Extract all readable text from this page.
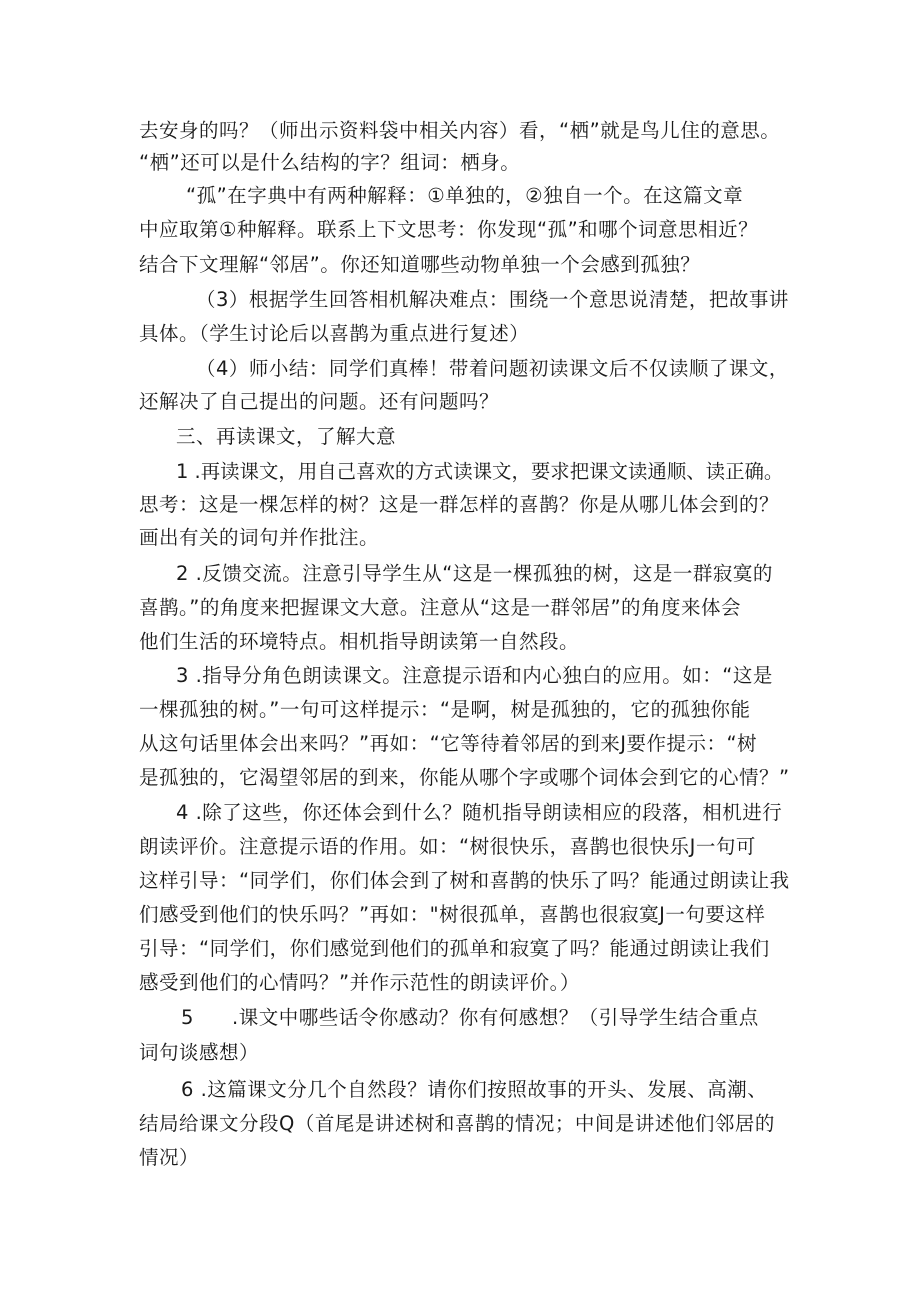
去安身的吗？（师出示资料袋中相关内容）看，“栖”就是鸟儿住的意思。
“栖”还可以是什么结构的字？组词：栖身。
“孤”在字典中有两种解释：①单独的，②独自一个。在这篇文章
中应取第①种解释。联系上下文思考：你发现“孤”和哪个词意思相近？
结合下文理解“邻居”。你还知道哪些动物单独一个会感到孤独？
（3）根据学生回答相机解决难点：围绕一个意思说清楚，把故事讲
具体。（学生讨论后以喜鹊为重点进行复述）
（4）师小结：同学们真棒！带着问题初读课文后不仅读顺了课文，
还解决了自己提出的问题。还有问题吗？
三、再读课文，了解大意
1 .再读课文，用自己喜欢的方式读课文，要求把课文读通顺、读正确。
思考：这是一棵怎样的树？这是一群怎样的喜鹊？你是从哪儿体会到的？
画出有关的词句并作批注。
2 .反馈交流。注意引导学生从“这是一棵孤独的树，这是一群寂寞的
喜鹊。”的角度来把握课文大意。注意从“这是一群邻居”的角度来体会
他们生活的环境特点。相机指导朗读第一自然段。
3 .指导分角色朗读课文。注意提示语和内心独白的应用。如：“这是
一棵孤独的树。”一句可这样提示：“是啊，树是孤独的，它的孤独你能
从这句话里体会出来吗？”再如：“它等待着邻居的到来J要作提示：“树
是孤独的，它渴望邻居的到来，你能从哪个字或哪个词体会到它的心情？”
4 .除了这些，你还体会到什么？随机指导朗读相应的段落，相机进行
朗读评价。注意提示语的作用。如：“树很快乐，喜鹊也很快乐J一句可
这样引导：“同学们，你们体会到了树和喜鹊的快乐了吗？能通过朗读让我
们感受到他们的快乐吗？”再如："树很孤单，喜鹊也很寂寞J一句要这样
引导：“同学们，你们感觉到他们的孤单和寂寞了吗？能通过朗读让我们
感受到他们的心情吗？”并作示范性的朗读评价。）
5 .课文中哪些话令你感动？你有何感想？（引导学生结合重点
词句谈感想）
6 .这篇课文分几个自然段？请你们按照故事的开头、发展、高潮、
结局给课文分段Q（首尾是讲述树和喜鹊的情况；中间是讲述他们邻居的
情况）
